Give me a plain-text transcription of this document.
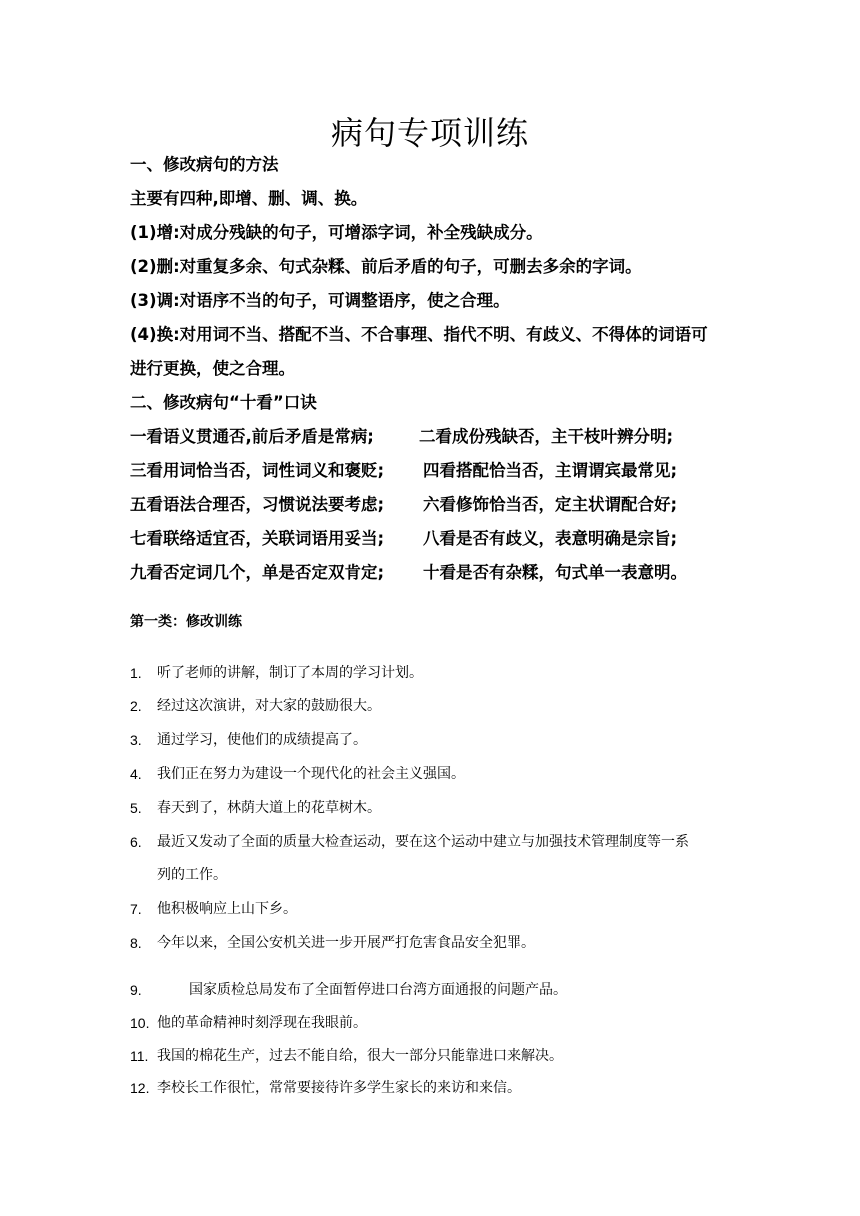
病句专项训练
一、修改病句的方法
主要有四种,即增、删、调、换。
(1)增:对成分残缺的句子，可增添字词，补全残缺成分。
(2)删:对重复多余、句式杂糅、前后矛盾的句子，可删去多余的字词。
(3)调:对语序不当的句子，可调整语序，使之合理。
(4)换:对用词不当、搭配不当、不合事理、指代不明、有歧义、不得体的词语可
进行更换，使之合理。
二、修改病句“十看”口诀
一看语义贯通否,前后矛盾是常病;	二看成份残缺否，主干枝叶辨分明;
三看用词恰当否，词性词义和褒贬; 四看搭配恰当否，主谓谓宾最常见;
五看语法合理否，习惯说法要考虑; 六看修饰恰当否，定主状谓配合好;
七看联络适宜否，关联词语用妥当; 八看是否有歧义，表意明确是宗旨;
九看否定词几个，单是否定双肯定; 十看是否有杂糅，句式单一表意明。
第一类：修改训练
1. 听了老师的讲解，制订了本周的学习计划。
2. 经过这次演讲，对大家的鼓励很大。
3. 通过学习，使他们的成绩提高了。
4. 我们正在努力为建设一个现代化的社会主义强国。
5. 春天到了，林荫大道上的花草树木。
6. 最近又发动了全面的质量大检查运动，要在这个运动中建立与加强技术管理制度等一系
列的工作。
7. 他积极响应上山下乡。
8. 今年以来，全国公安机关进一步开展严打危害食品安全犯罪。
9.	国家质检总局发布了全面暂停进口台湾方面通报的问题产品。
10. 他的革命精神时刻浮现在我眼前。
11. 我国的棉花生产，过去不能自给，很大一部分只能靠进口来解决。
12. 李校长工作很忙，常常要接待许多学生家长的来访和来信。
